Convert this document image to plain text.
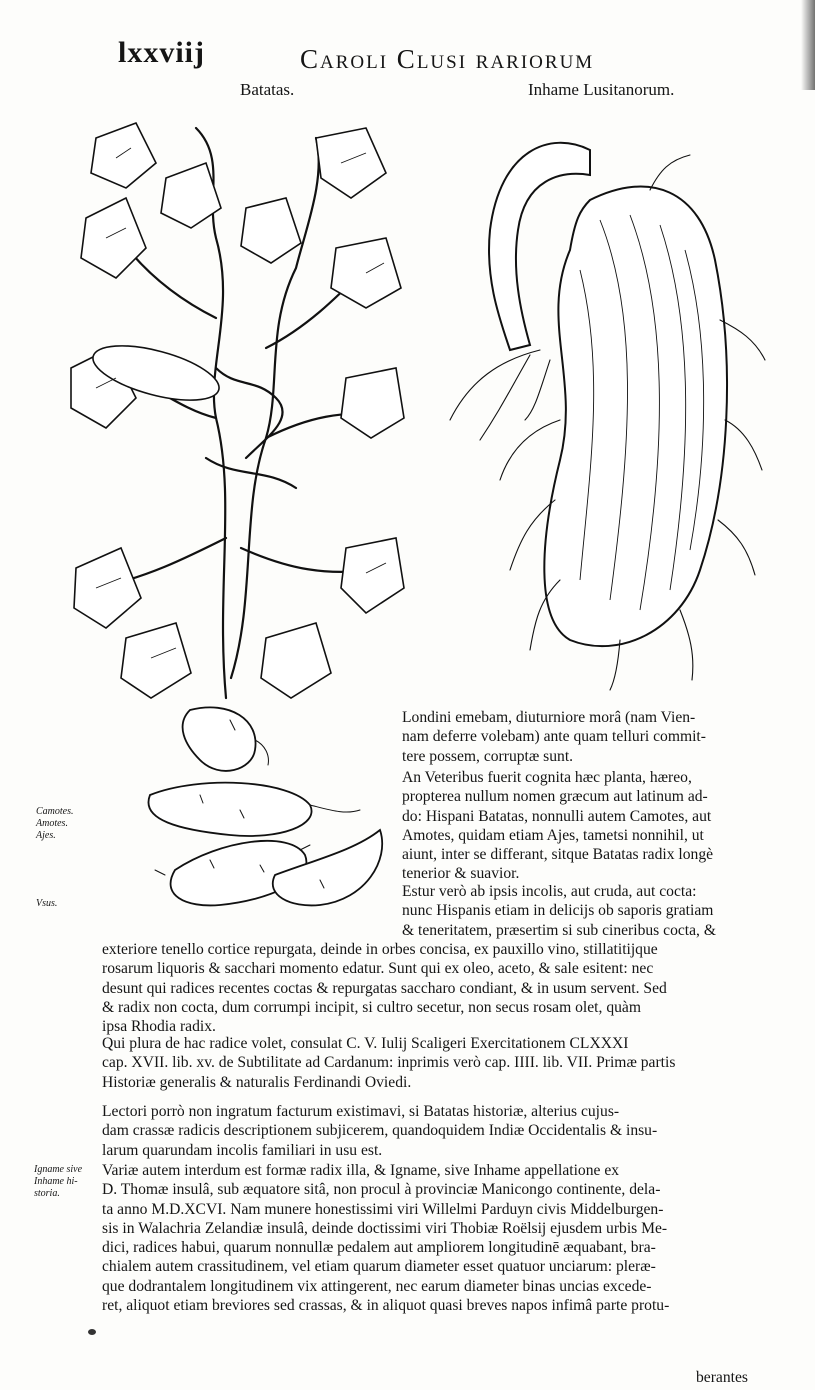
lxxviij	Caroli Clusi rariorum
Batatas.	Inhame Lusitanorum.
Camotes.
Amotes.
Ajes.
Vsus.
Igname sive
Inhame hi-
storia.
Londini emebam, diuturniore morâ (nam Vien-
nam deferre volebam) ante quam telluri commit-
tere possem, corruptæ sunt.
An Veteribus fuerit cognita hæc planta, hæreo,
propterea nullum nomen græcum aut latinum ad-
do: Hispani Batatas, nonnulli autem Camotes, aut
Amotes, quidam etiam Ajes, tametsi nonnihil, ut
aiunt, inter se differant, sitque Batatas radix longè
tenerior & suavior.
Estur verò ab ipsis incolis, aut cruda, aut cocta:
nunc Hispanis etiam in delicijs ob saporis gratiam
& teneritatem, præsertim si sub cineribus cocta, &
exteriore tenello cortice repurgata, deinde in orbes concisa, ex pauxillo vino, stillatitijque
rosarum liquoris & sacchari momento edatur. Sunt qui ex oleo, aceto, & sale esitent: nec
desunt qui radices recentes coctas & repurgatas saccharo condiant, & in usum servent. Sed
& radix non cocta, dum corrumpi incipit, si cultro secetur, non secus rosam olet, quàm
ipsa Rhodia radix.
Qui plura de hac radice volet, consulat C. V. Iulij Scaligeri Exercitationem CLXXXI
cap. XVII. lib. xv. de Subtilitate ad Cardanum: inprimis verò cap. IIII. lib. VII. Primæ partis
Historiæ generalis & naturalis Ferdinandi Oviedi.
Lectori porrò non ingratum facturum existimavi, si Batatas historiæ, alterius cujus-
dam crassæ radicis descriptionem subjicerem, quandoquidem Indiæ Occidentalis & insu-
larum quarundam incolis familiari in usu est.
Variæ autem interdum est formæ radix illa, & Igname, sive Inhame appellatione ex
D. Thomæ insulâ, sub æquatore sitâ, non procul à provinciæ Manicongo continente, dela-
ta anno M.D.XCVI. Nam munere honestissimi viri Willelmi Parduyn civis Middelburgen-
sis in Walachria Zelandiæ insulâ, deinde doctissimi viri Thobiæ Roëlsij ejusdem urbis Me-
dici, radices habui, quarum nonnullæ pedalem aut ampliorem longitudinē æquabant, bra-
chialem autem crassitudinem, vel etiam quarum diameter esset quatuor unciarum: pleræ-
que dodrantalem longitudinem vix attingerent, nec earum diameter binas uncias excede-
ret, aliquot etiam breviores sed crassas, & in aliquot quasi breves napos infimâ parte protu-
berantes
